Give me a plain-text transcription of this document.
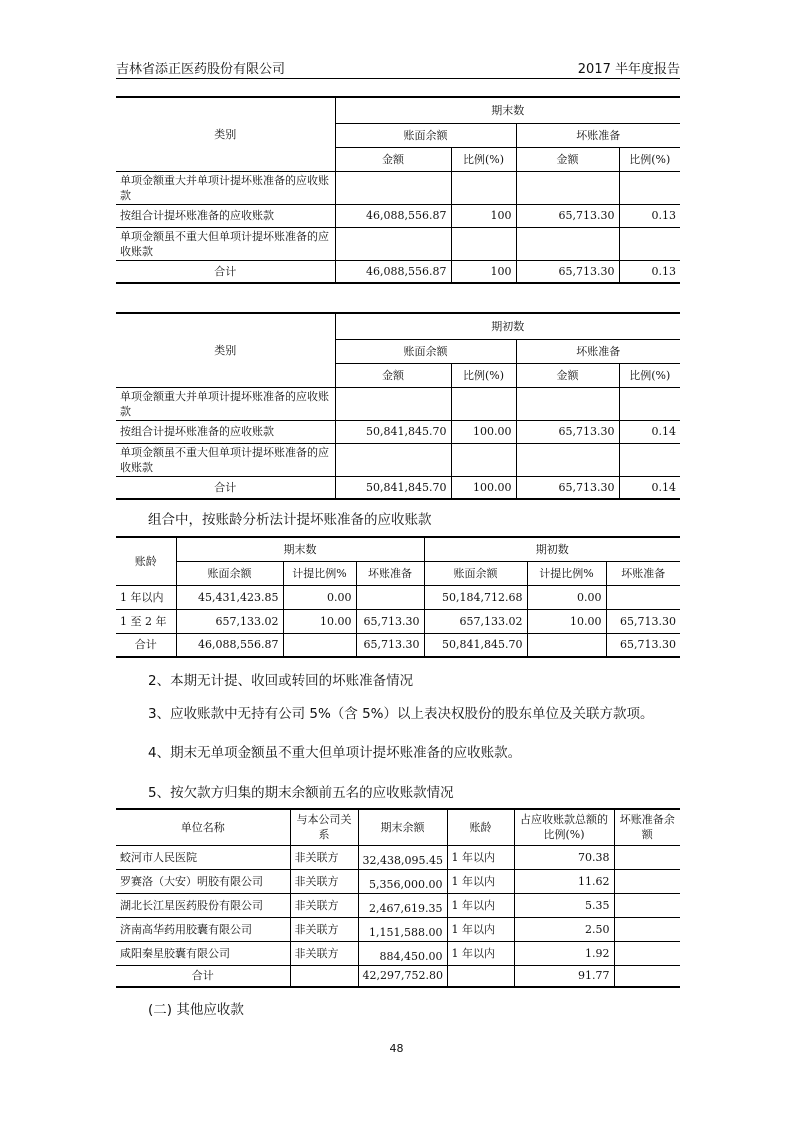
吉林省添正医药股份有限公司	2017 半年度报告
类别	期末数			
	账面余额		坏账准备	
	金额	比例(%)	金额	比例(%)
单项金额重大并单项计提坏账准备的应收账款				
按组合计提坏账准备的应收账款	46,088,556.87	100	65,713.30	0.13
单项金额虽不重大但单项计提坏账准备的应收账款				
合计	46,088,556.87	100	65,713.30	0.13
类别	期初数			
	账面余额		坏账准备	
	金额	比例(%)	金额	比例(%)
单项金额重大并单项计提坏账准备的应收账款				
按组合计提坏账准备的应收账款	50,841,845.70	100.00	65,713.30	0.14
单项金额虽不重大但单项计提坏账准备的应收账款				
合计	50,841,845.70	100.00	65,713.30	0.14
组合中，按账龄分析法计提坏账准备的应收账款
账龄	期末数			期初数		
	账面余额	计提比例%	坏账准备	账面余额	计提比例%	坏账准备
1 年以内	45,431,423.85	0.00		50,184,712.68	0.00	
1 至 2 年	657,133.02	10.00	65,713.30	657,133.02	10.00	65,713.30
合计	46,088,556.87		65,713.30	50,841,845.70		65,713.30
2、本期无计提、收回或转回的坏账准备情况
3、应收账款中无持有公司 5%（含 5%）以上表决权股份的股东单位及关联方款项。
4、期末无单项金额虽不重大但单项计提坏账准备的应收账款。
5、按欠款方归集的期末余额前五名的应收账款情况
单位名称	与本公司关系	期末余额	账龄	占应收账款总额的比例(%)	坏账准备余额
蛟河市人民医院	非关联方	32,438,095.45	1 年以内	70.38	
罗赛洛（大安）明胶有限公司	非关联方	5,356,000.00	1 年以内	11.62	
湖北长江星医药股份有限公司	非关联方	2,467,619.35	1 年以内	5.35	
济南高华药用胶囊有限公司	非关联方	1,151,588.00	1 年以内	2.50	
咸阳秦星胶囊有限公司	非关联方	884,450.00	1 年以内	1.92	
合计		42,297,752.80		91.77	
(二) 其他应收款
48
